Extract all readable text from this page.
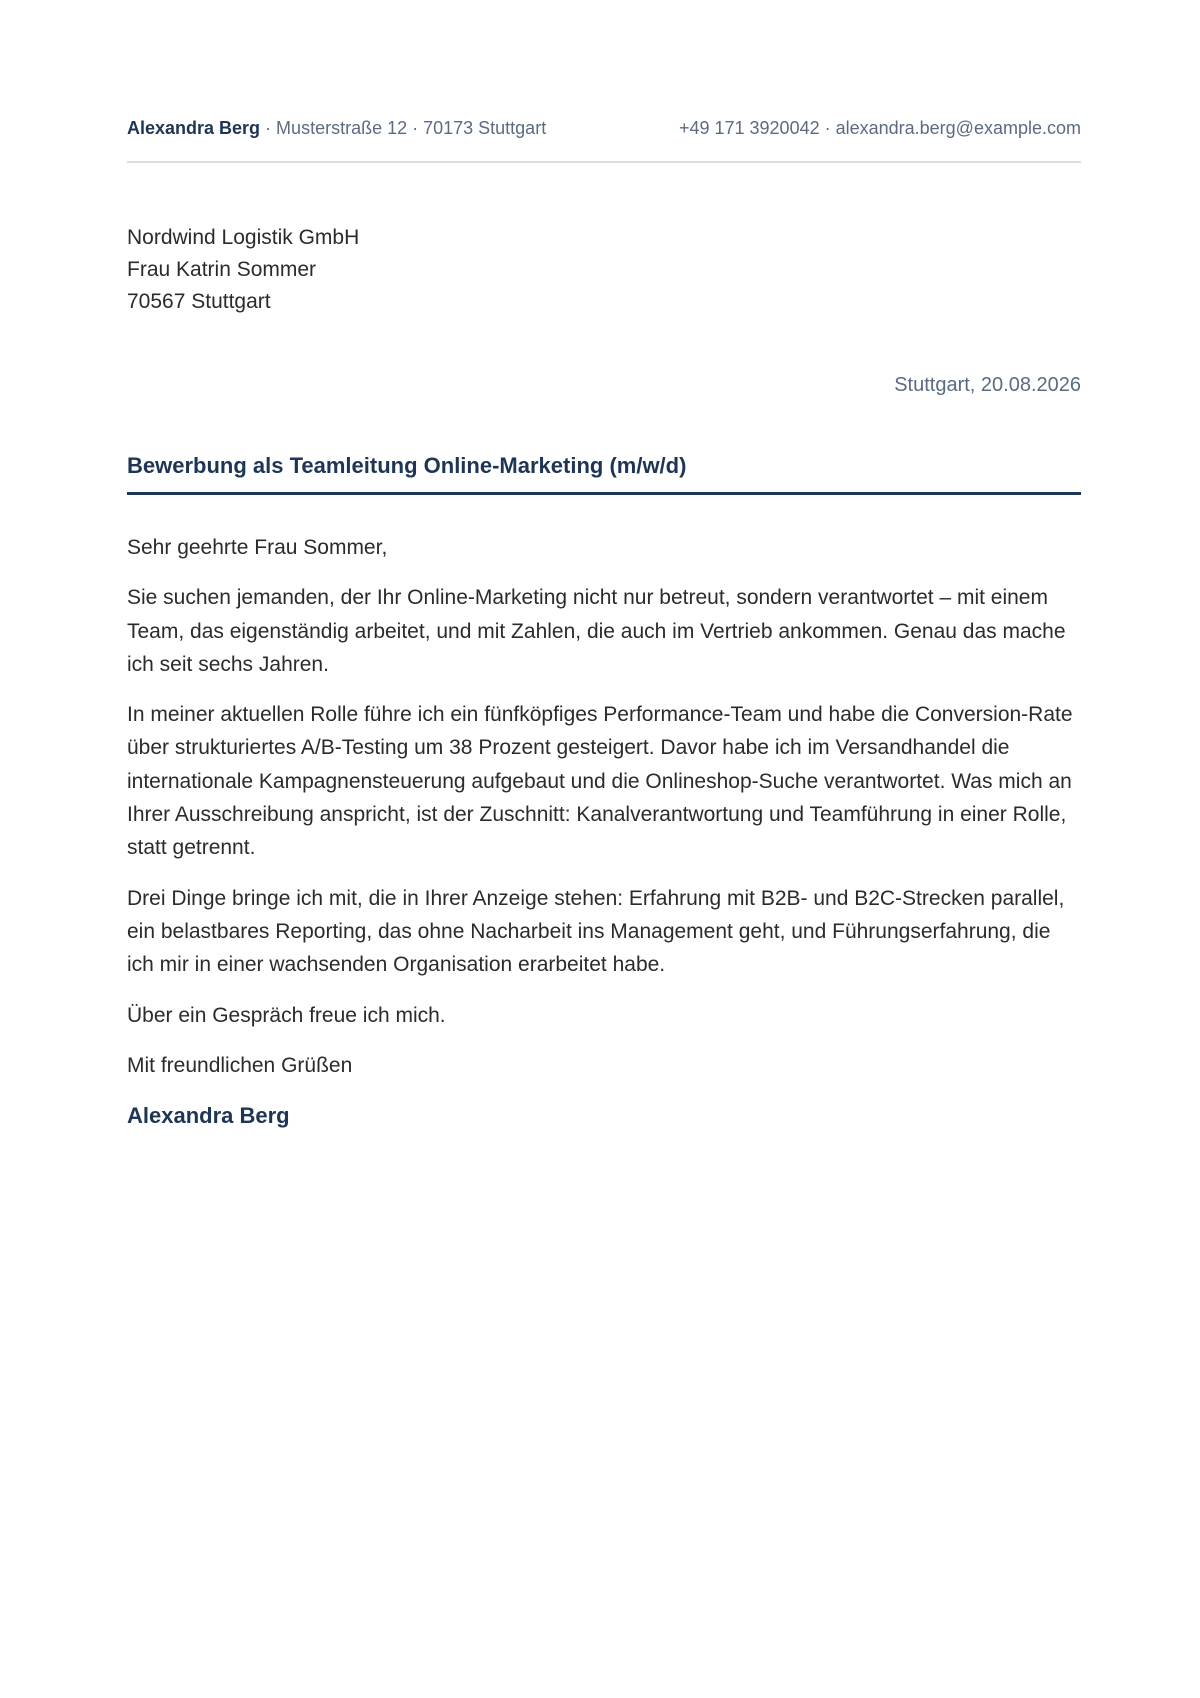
Alexandra Berg · Musterstraße 12 · 70173 Stuttgart	+49 171 3920042 · alexandra.berg@example.com
Nordwind Logistik GmbH
Frau Katrin Sommer
70567 Stuttgart
Stuttgart, 20.08.2026
Bewerbung als Teamleitung Online-Marketing (m/w/d)

Sehr geehrte Frau Sommer,

Sie suchen jemanden, der Ihr Online-Marketing nicht nur betreut, sondern verantwortet – mit einem Team, das eigenständig arbeitet, und mit Zahlen, die auch im Vertrieb ankommen. Genau das mache ich seit sechs Jahren.

In meiner aktuellen Rolle führe ich ein fünfköpfiges Performance-Team und habe die Conversion-Rate über strukturiertes A/B-Testing um 38 Prozent gesteigert. Davor habe ich im Versandhandel die internationale Kampagnensteuerung aufgebaut und die Onlineshop-Suche verantwortet. Was mich an Ihrer Ausschreibung anspricht, ist der Zuschnitt: Kanalverantwortung und Teamführung in einer Rolle, statt getrennt.

Drei Dinge bringe ich mit, die in Ihrer Anzeige stehen: Erfahrung mit B2B- und B2C-Strecken parallel, ein belastbares Reporting, das ohne Nacharbeit ins Management geht, und Führungserfahrung, die ich mir in einer wachsenden Organisation erarbeitet habe.

Über ein Gespräch freue ich mich.

Mit freundlichen Grüßen

Alexandra Berg
